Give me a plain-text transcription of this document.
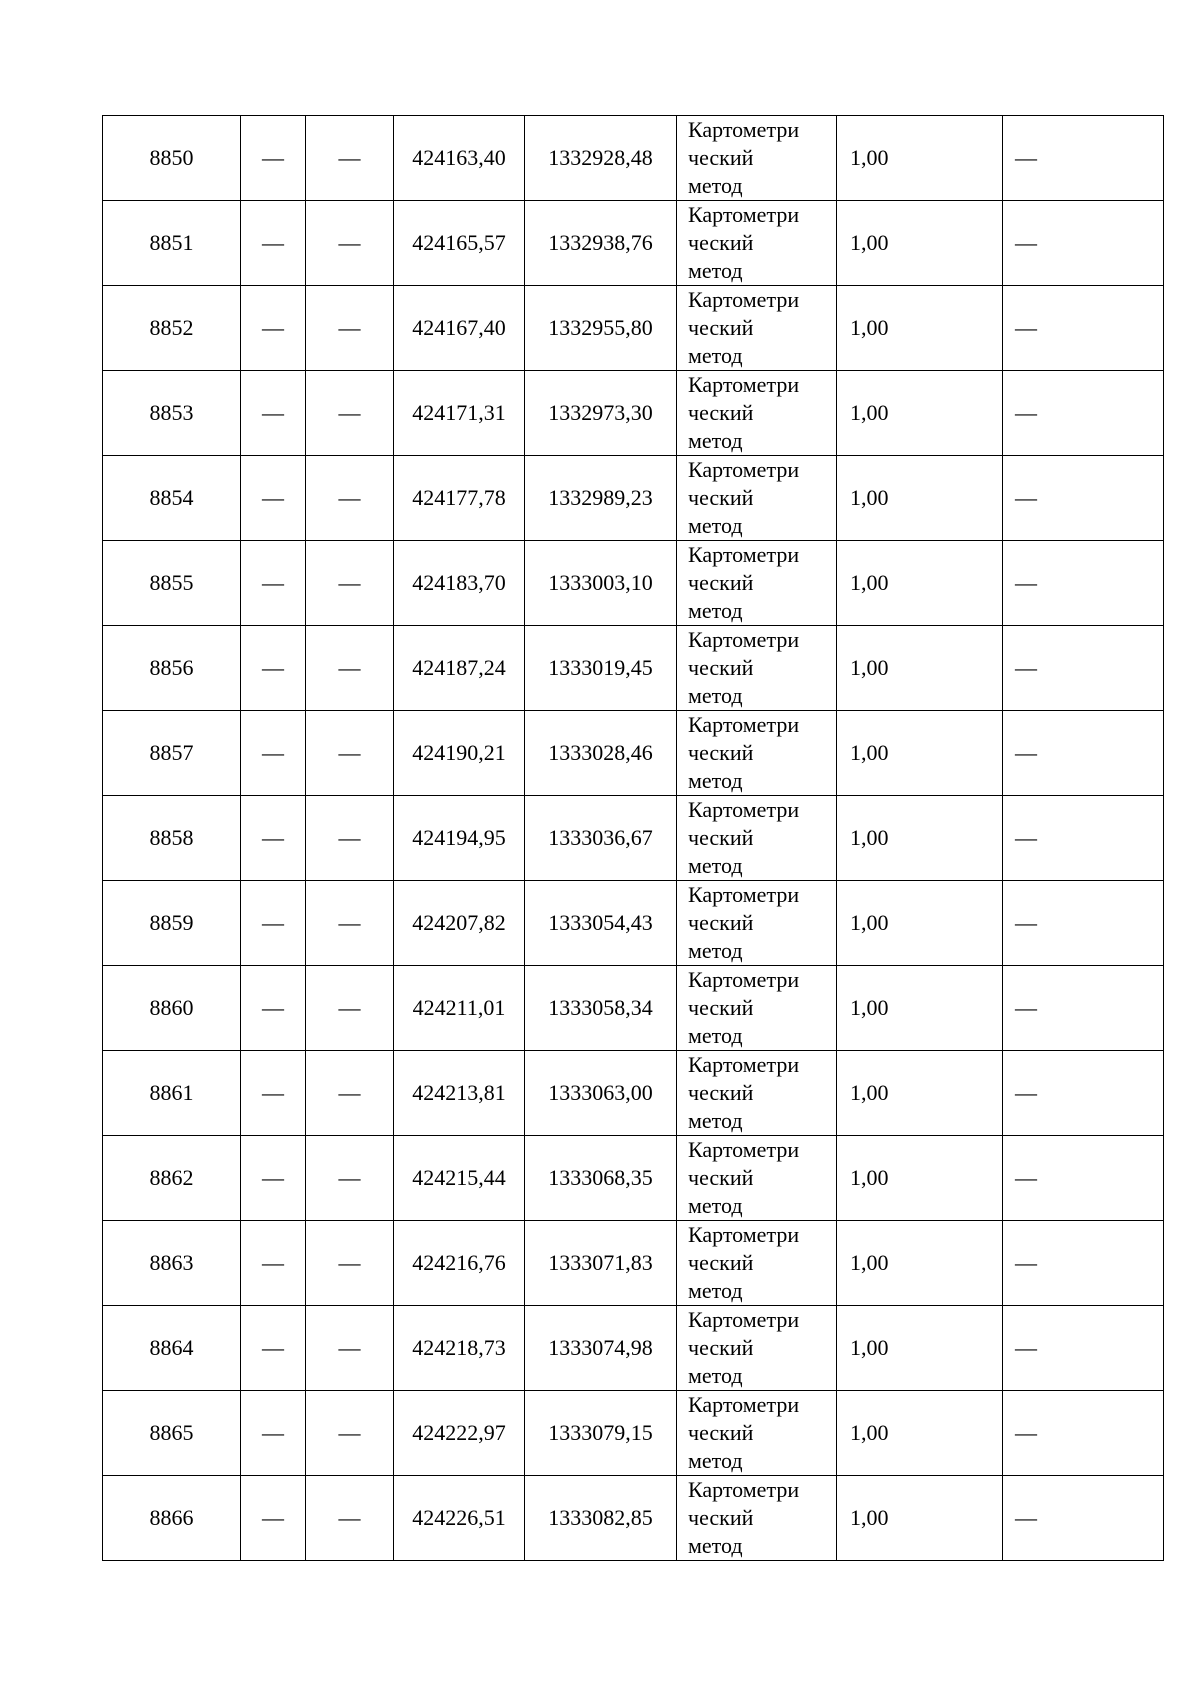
8850	—	—	424163,40	1332928,48	Картометри
ческий
метод	1,00	—
8851	—	—	424165,57	1332938,76	Картометри
ческий
метод	1,00	—
8852	—	—	424167,40	1332955,80	Картометри
ческий
метод	1,00	—
8853	—	—	424171,31	1332973,30	Картометри
ческий
метод	1,00	—
8854	—	—	424177,78	1332989,23	Картометри
ческий
метод	1,00	—
8855	—	—	424183,70	1333003,10	Картометри
ческий
метод	1,00	—
8856	—	—	424187,24	1333019,45	Картометри
ческий
метод	1,00	—
8857	—	—	424190,21	1333028,46	Картометри
ческий
метод	1,00	—
8858	—	—	424194,95	1333036,67	Картометри
ческий
метод	1,00	—
8859	—	—	424207,82	1333054,43	Картометри
ческий
метод	1,00	—
8860	—	—	424211,01	1333058,34	Картометри
ческий
метод	1,00	—
8861	—	—	424213,81	1333063,00	Картометри
ческий
метод	1,00	—
8862	—	—	424215,44	1333068,35	Картометри
ческий
метод	1,00	—
8863	—	—	424216,76	1333071,83	Картометри
ческий
метод	1,00	—
8864	—	—	424218,73	1333074,98	Картометри
ческий
метод	1,00	—
8865	—	—	424222,97	1333079,15	Картометри
ческий
метод	1,00	—
8866	—	—	424226,51	1333082,85	Картометри
ческий
метод	1,00	—
